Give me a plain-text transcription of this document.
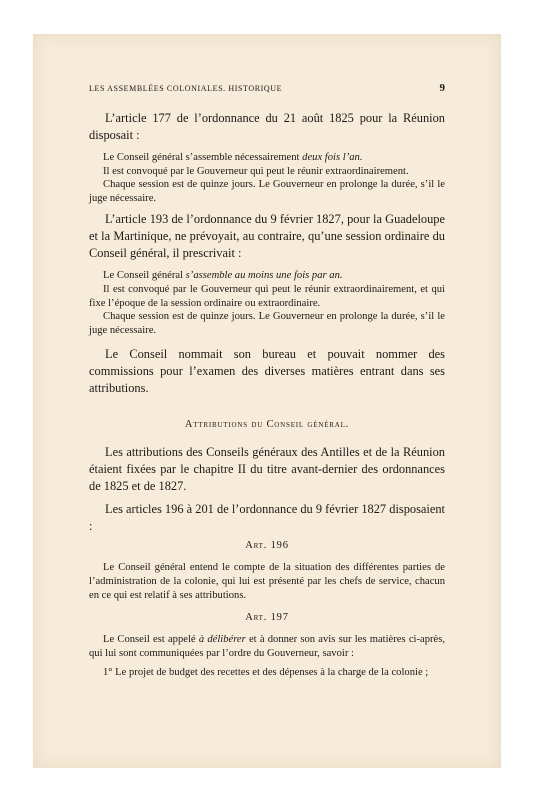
LES ASSEMBLÉES COLONIALES. HISTORIQUE	9

L’article 177 de l’ordonnance du 21 août 1825 pour la Réunion disposait :

Le Conseil général s’assemble nécessairement deux fois l’an.

Il est convoqué par le Gouverneur qui peut le réunir extraordinairement.

Chaque session est de quinze jours. Le Gouverneur en prolonge la durée, s’il le juge nécessaire.

L’article 193 de l’ordonnance du 9 février 1827, pour la Guadeloupe et la Martinique, ne prévoyait, au contraire, qu’une session ordinaire du Conseil général, il prescrivait :

Le Conseil général s’assemble au moins une fois par an.

Il est convoqué par le Gouverneur qui peut le réunir extraordinairement, et qui fixe l’époque de la session ordinaire ou extraordinaire.

Chaque session est de quinze jours. Le Gouverneur en prolonge la durée, s’il le juge nécessaire.

Le Conseil nommait son bureau et pouvait nommer des commissions pour l’examen des diverses matières entrant dans ses attributions.

Attributions du Conseil général.

Les attributions des Conseils généraux des Antilles et de la Réunion étaient fixées par le chapitre II du titre avant-dernier des ordonnances de 1825 et de 1827.

Les articles 196 à 201 de l’ordonnance du 9 février 1827 disposaient :

Art. 196

Le Conseil général entend le compte de la situation des différentes parties de l’administration de la colonie, qui lui est présenté par les chefs de service, chacun en ce qui est relatif à ses attributions.

Art. 197

Le Conseil est appelé à délibérer et à donner son avis sur les matières ci-après, qui lui sont communiquées par l’ordre du Gouverneur, savoir :

1° Le projet de budget des recettes et des dépenses à la charge de la colonie ;
